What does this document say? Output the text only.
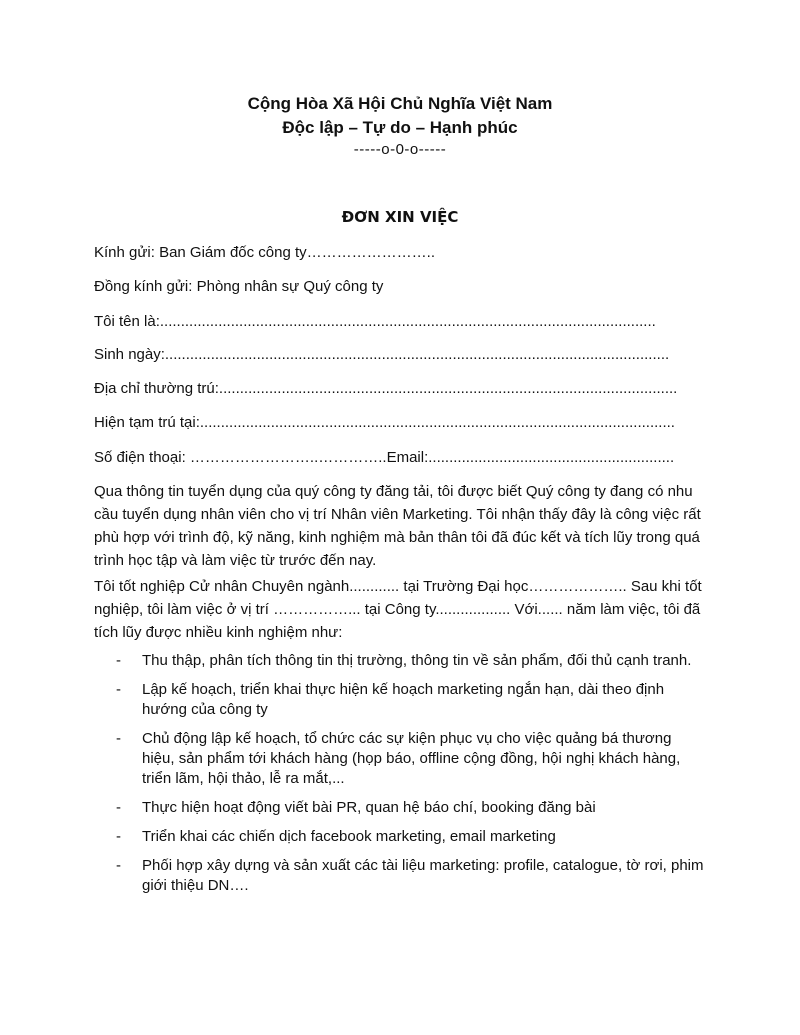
Cộng Hòa Xã Hội Chủ Nghĩa Việt Nam
Độc lập – Tự do – Hạnh phúc
-----o-0-o-----
ĐƠN XIN VIỆC
Kính gửi: Ban Giám đốc công ty……………………..
Đồng kính gửi: Phòng nhân sự Quý công ty
Tôi tên là:.......................................................................................................................
Sinh ngày:.........................................................................................................................
Địa chỉ thường trú:..............................................................................................................
Hiện tạm trú tại:..................................................................................................................
Số điện thoại: ……………………..…………..Email:...........................................................

Qua thông tin tuyển dụng của quý công ty đăng tải, tôi được biết Quý công ty đang có nhu cầu tuyển dụng nhân viên cho vị trí Nhân viên Marketing. Tôi nhận thấy đây là công việc rất phù hợp với trình độ, kỹ năng, kinh nghiệm mà bản thân tôi đã đúc kết và tích lũy trong quá trình học tập và làm việc từ trước đến nay.

Tôi tốt nghiệp Cử nhân Chuyên ngành............ tại Trường Đại học……………….. Sau khi tốt nghiệp, tôi làm việc ở vị trí ……………... tại Công ty.................. Với...... năm làm việc, tôi đã tích lũy được nhiều kinh nghiệm như:

- Thu thập, phân tích thông tin thị trường, thông tin về sản phẩm, đối thủ cạnh tranh.
- Lập kế hoạch, triển khai thực hiện kế hoạch marketing ngắn hạn, dài theo định hướng của công ty
- Chủ động lập kế hoạch, tổ chức các sự kiện phục vụ cho việc quảng bá thương hiệu, sản phẩm tới khách hàng (họp báo, offline cộng đồng, hội nghị khách hàng, triển lãm, hội thảo, lễ ra mắt,...
- Thực hiện hoạt động viết bài PR, quan hệ báo chí, booking đăng bài
- Triển khai các chiến dịch facebook marketing, email marketing
- Phối hợp xây dựng và sản xuất các tài liệu marketing: profile, catalogue, tờ rơi, phim giới thiệu DN….
